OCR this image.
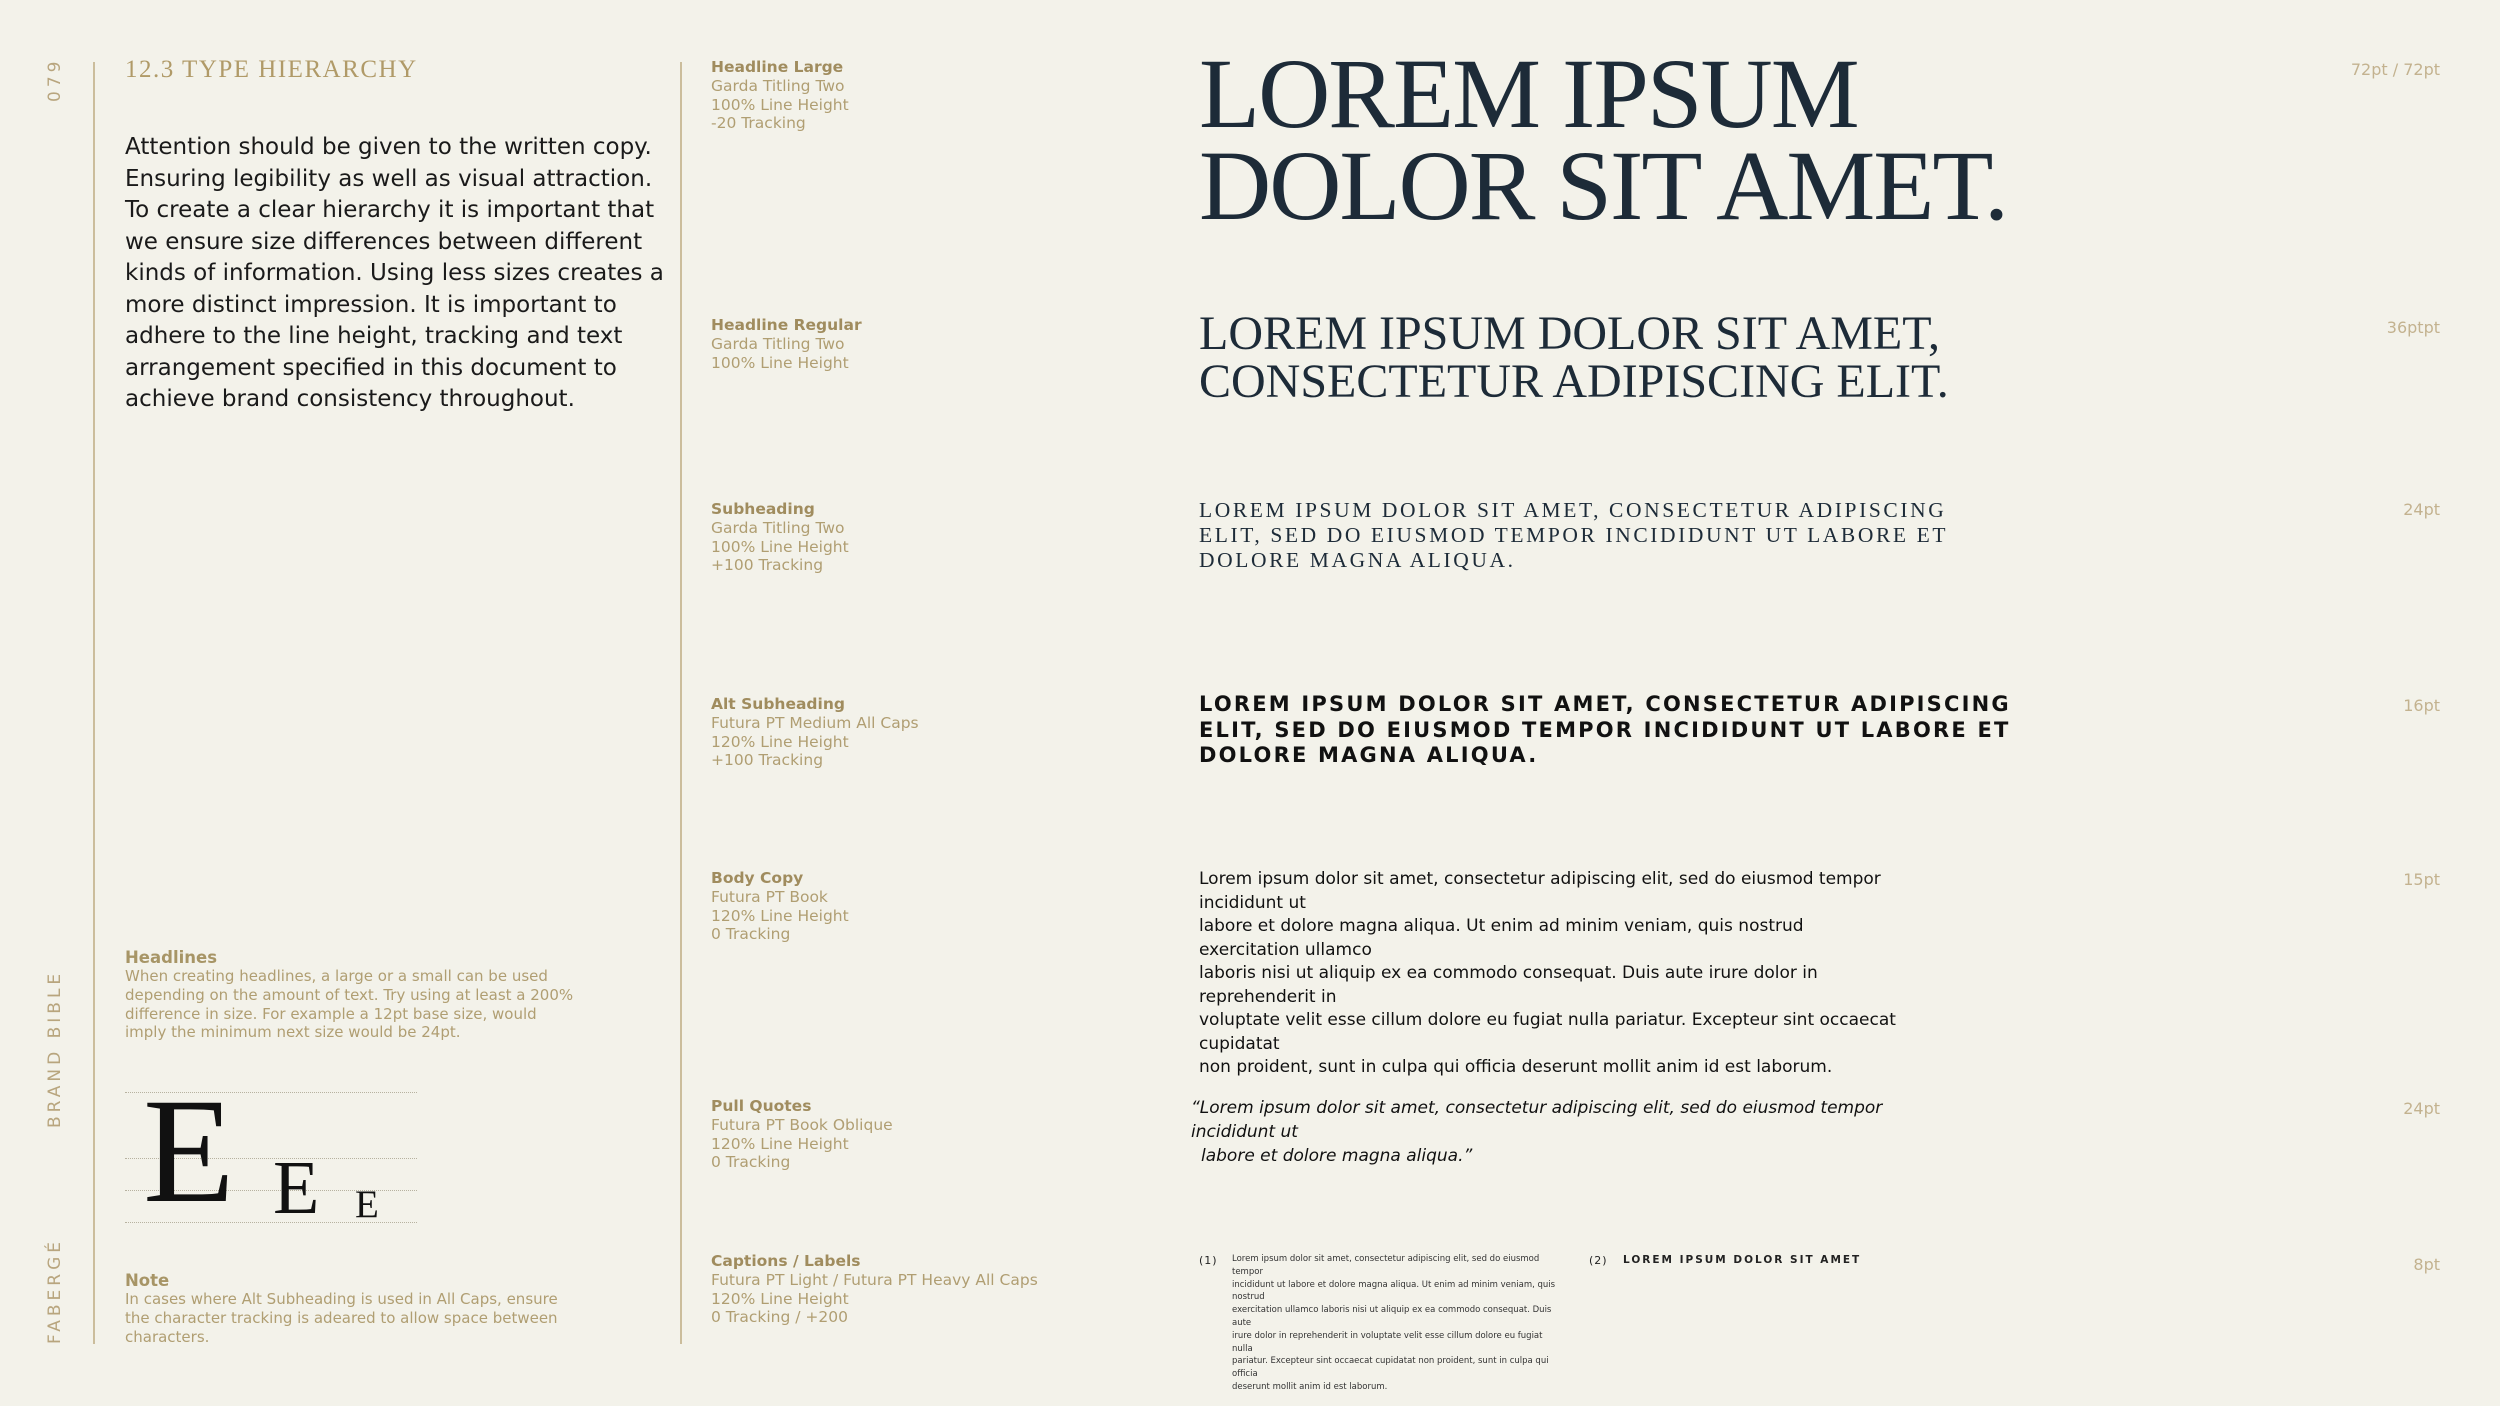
079
BRAND BIBLE
FABERGÉ
12.3 TYPE HIERARCHY
Attention should be given to the written copy. Ensuring legibility as well as visual attraction. To create a clear hierarchy it is important that we ensure size differences between different kinds of information. Using less sizes creates a more distinct impression. It is important to adhere to the line height, tracking and text arrangement specified in this document to achieve brand consistency throughout.
Headlines
When creating headlines, a large or a small can be used depending on the amount of text. Try using at least a 200% difference in size. For example a 12pt base size, would imply the minimum next size would be 24pt.
E E E
Note
In cases where Alt Subheading is used in All Caps, ensure the character tracking is adeared to allow space between characters.
Headline Large
Garda Titling Two
100% Line Height
-20 Tracking	LOREM IPSUM
DOLOR SIT AMET.
72pt / 72pt
Headline Regular
Garda Titling Two
100% Line Height
LOREM IPSUM DOLOR SIT AMET,
CONSECTETUR ADIPISCING ELIT.
36ptpt
Subheading
Garda Titling Two
100% Line Height
+100 Tracking
LOREM IPSUM DOLOR SIT AMET, CONSECTETUR ADIPISCING
ELIT, SED DO EIUSMOD TEMPOR INCIDIDUNT UT LABORE ET
DOLORE MAGNA ALIQUA.
24pt
Alt Subheading
Futura PT Medium All Caps
120% Line Height
+100 Tracking
LOREM IPSUM DOLOR SIT AMET, CONSECTETUR ADIPISCING
ELIT, SED DO EIUSMOD TEMPOR INCIDIDUNT UT LABORE ET
DOLORE MAGNA ALIQUA.
16pt
Body Copy
Futura PT Book
120% Line Height
0 Tracking
Lorem ipsum dolor sit amet, consectetur adipiscing elit, sed do eiusmod tempor incididunt ut
labore et dolore magna aliqua. Ut enim ad minim veniam, quis nostrud exercitation ullamco
laboris nisi ut aliquip ex ea commodo consequat. Duis aute irure dolor in reprehenderit in
voluptate velit esse cillum dolore eu fugiat nulla pariatur. Excepteur sint occaecat cupidatat
non proident, sunt in culpa qui officia deserunt mollit anim id est laborum.
15pt
Pull Quotes
Futura PT Book Oblique
120% Line Height
0 Tracking
“Lorem ipsum dolor sit amet, consectetur adipiscing elit, sed do eiusmod tempor incididunt ut
labore et dolore magna aliqua.”
24pt
Captions / Labels
Futura PT Light / Futura PT Heavy All Caps
120% Line Height
0 Tracking / +200
(1) Lorem ipsum dolor sit amet, consectetur adipiscing elit, sed do eiusmod tempor
incididunt ut labore et dolore magna aliqua. Ut enim ad minim veniam, quis nostrud
exercitation ullamco laboris nisi ut aliquip ex ea commodo consequat. Duis aute
irure dolor in reprehenderit in voluptate velit esse cillum dolore eu fugiat nulla
pariatur. Excepteur sint occaecat cupidatat non proident, sunt in culpa qui officia
deserunt mollit anim id est laborum.
(2) LOREM IPSUM DOLOR SIT AMET	8pt
